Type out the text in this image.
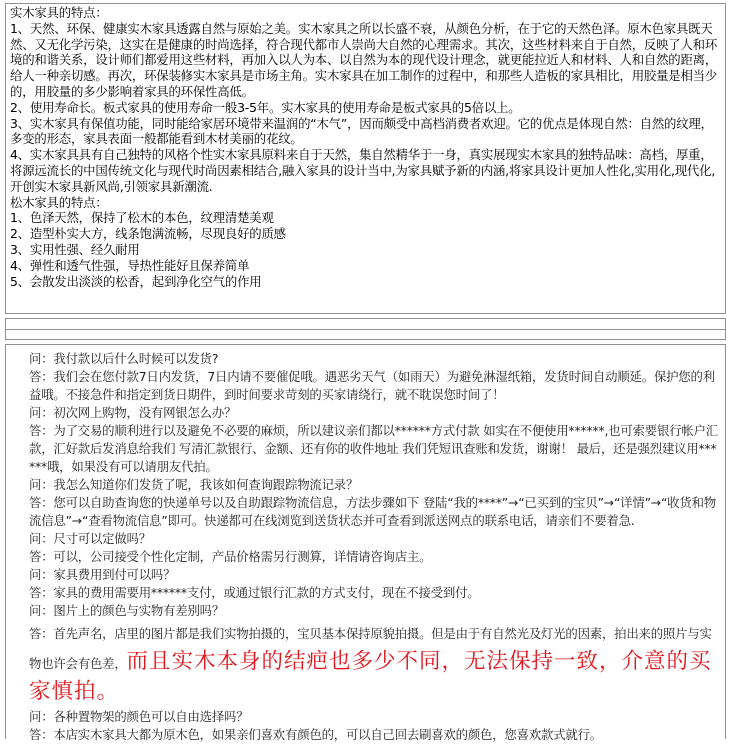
实木家具的特点：

1、天然、环保、健康实木家具透露自然与原始之美。实木家具之所以长盛不衰，从颜色分析，在于它的天然色泽。原木色家具既天然、又无化学污染，这实在是健康的时尚选择，符合现代都市人崇尚大自然的心理需求。其次，这些材料来自于自然，反映了人和环境的和谐关系，设计师们都爱用这些材料，再加入以人为本、以自然为本的现代设计理念，就更能拉近人和材料、人和自然的距离，给人一种亲切感。再次，环保装修实木家具是市场主角。实木家具在加工制作的过程中，和那些人造板的家具相比，用胶量是相当少的，用胶量的多少影响着家具的环保性高低。

2、使用寿命长。板式家具的使用寿命一般3-5年。实木家具的使用寿命是板式家具的5倍以上。

3、实木家具有保值功能，同时能给家居环境带来温润的“木气”，因而颇受中高档消费者欢迎。它的优点是体现自然：自然的纹理，多变的形态，家具表面一般都能看到木材美丽的花纹。

4、实木家具具有自己独特的风格个性实木家具原料来自于天然，集自然精华于一身，真实展现实木家具的独特品味：高档，厚重，将源远流长的中国传统文化与现代时尚因素相结合,融入家具的设计当中,为家具赋予新的内涵,将家具设计更加人性化,实用化,现代化,开创实木家具新风尚,引领家具新潮流.

松木家具的特点：

1、色泽天然，保持了松木的本色，纹理清楚美观

2、造型朴实大方，线条饱满流畅，尽现良好的质感

3、实用性强、经久耐用

4、弹性和透气性强，导热性能好且保养简单

5、会散发出淡淡的松香，起到净化空气的作用

问：我付款以后什么时候可以发货?

答：我们会在您付款7日内发货，7日内请不要催促哦。遇恶劣天气（如雨天）为避免淋湿纸箱，发货时间自动顺延。保护您的利益哦。不接急件和指定到货日期件，到时间要求苛刻的买家请绕行，就不耽误您时间了！

问：初次网上购物，没有网银怎么办？

答：为了交易的顺利进行以及避免不必要的麻烦，所以建议亲们都以******方式付款 如实在不便使用******,也可索要银行帐户汇款，汇好款后发消息给我们 写清汇款银行、金额、还有你的收件地址 我们凭短讯查账和发货，谢谢！ 最后，还是强烈建议用******哦，如果没有可以请朋友代拍。

问：我怎么知道你们发货了呢，我该如何查询跟踪物流记录？

答：您可以自助查询您的快递单号以及自助跟踪物流信息，方法步骤如下 登陆“我的****”→“已买到的宝贝”→“详情”→“收货和物流信息”→“查看物流信息”即可。快递都可在线浏览到送货状态并可查看到派送网点的联系电话，请亲们不要着急.

问：尺寸可以定做吗？

答：可以，公司接受个性化定制，产品价格需另行测算，详情请咨询店主。

问：家具费用到付可以吗？

答：家具的费用需要用******支付，或通过银行汇款的方式支付，现在不接受到付。

问：图片上的颜色与实物有差别吗？

答：首先声名，店里的图片都是我们实物拍摄的，宝贝基本保持原貌拍摄。但是由于有自然光及灯光的因素，拍出来的照片与实物也许会有色差，而且实木本身的结疤也多少不同，无法保持一致，介意的买家慎拍。

问：各种置物架的颜色可以自由选择吗？

答：本店实木家具大都为原木色，如果亲们喜欢有颜色的，可以自己回去刷喜欢的颜色，您喜欢款式就行。
